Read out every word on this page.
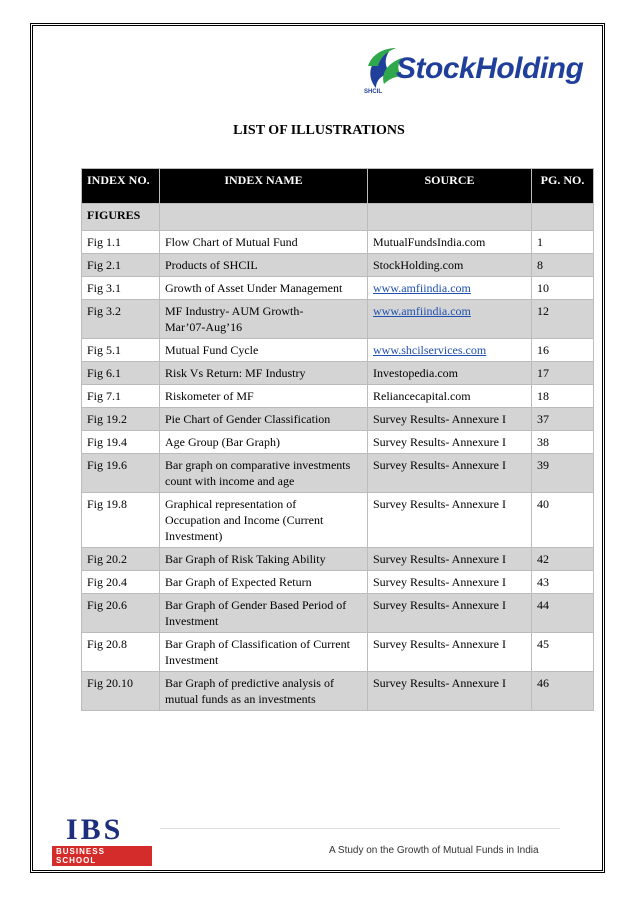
StockHolding
SHCIL
LIST OF ILLUSTRATIONS
INDEX NO.	INDEX NAME	SOURCE	PG. NO.
FIGURES			
Fig 1.1	Flow Chart of Mutual Fund	MutualFundsIndia.com	1
Fig 2.1	Products of SHCIL	StockHolding.com	8
Fig 3.1	Growth of Asset Under Management	www.amfiindia.com	10
Fig 3.2	MF Industry- AUM Growth-
Mar’07-Aug’16	www.amfiindia.com	12
Fig 5.1	Mutual Fund Cycle	www.shcilservices.com	16
Fig 6.1	Risk Vs Return: MF Industry	Investopedia.com	17
Fig 7.1	Riskometer of MF	Reliancecapital.com	18
Fig 19.2	Pie Chart of Gender Classification	Survey Results- Annexure I	37
Fig 19.4	Age Group (Bar Graph)	Survey Results- Annexure I	38
Fig 19.6	Bar graph on comparative investments
count with income and age	Survey Results- Annexure I	39
Fig 19.8	Graphical representation of
Occupation and Income (Current
Investment)	Survey Results- Annexure I	40
Fig 20.2	Bar Graph of Risk Taking Ability	Survey Results- Annexure I	42
Fig 20.4	Bar Graph of Expected Return	Survey Results- Annexure I	43
Fig 20.6	Bar Graph of Gender Based Period of
Investment	Survey Results- Annexure I	44
Fig 20.8	Bar Graph of Classification of Current
Investment	Survey Results- Annexure I	45
Fig 20.10	Bar Graph of predictive analysis of
mutual funds as an investments	Survey Results- Annexure I	46
IBS
BUSINESS SCHOOL
A Study on the Growth of Mutual Funds in India
